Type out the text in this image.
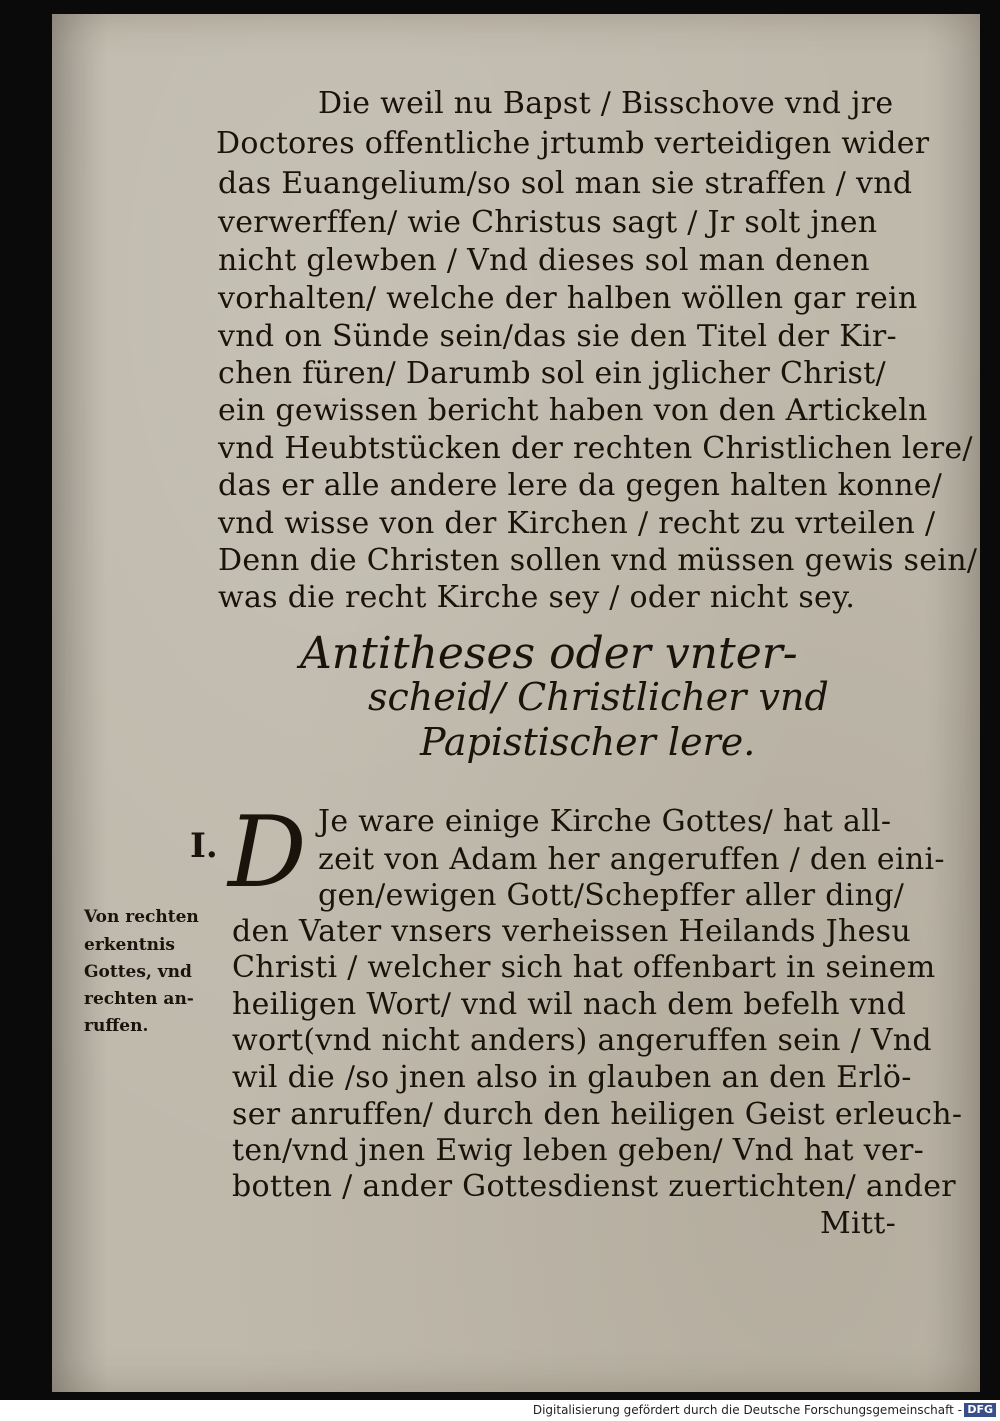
Die weil nu Bapst / Bisschove vnd jre
Doctores offentliche jrtumb verteidigen wider
das Euangelium/so sol man sie straffen / vnd
verwerffen/ wie Christus sagt / Jr solt jnen
nicht glewben / Vnd dieses sol man denen
vorhalten/ welche der halben wöllen gar rein
vnd on Sünde sein/das sie den Titel der Kir-
chen füren/ Darumb sol ein jglicher Christ/
ein gewissen bericht haben von den Artickeln
vnd Heubtstücken der rechten Christlichen lere/
das er alle andere lere da gegen halten konne/
vnd wisse von der Kirchen / recht zu vrteilen /
Denn die Christen sollen vnd müssen gewis sein/
was die recht Kirche sey / oder nicht sey.
Antitheses oder vnter-
scheid/ Christlicher vnd
Papistischer lere.
I. D Je ware einige Kirche Gottes/ hat all-
zeit von Adam her angeruffen / den eini-
gen/ewigen Gott/Schepffer aller ding/
den Vater vnsers verheissen Heilands Jhesu
Christi / welcher sich hat offenbart in seinem
heiligen Wort/ vnd wil nach dem befelh vnd
wort(vnd nicht anders) angeruffen sein / Vnd
wil die /so jnen also in glauben an den Erlö-
ser anruffen/ durch den heiligen Geist erleuch-
ten/vnd jnen Ewig leben geben/ Vnd hat ver-
botten / ander Gottesdienst zuertichten/ ander
Mitt-
Von rechten
erkentnis
Gottes, vnd
rechten an-
ruffen.
Digitalisierung gefördert durch die Deutsche Forschungsgemeinschaft - DFG
